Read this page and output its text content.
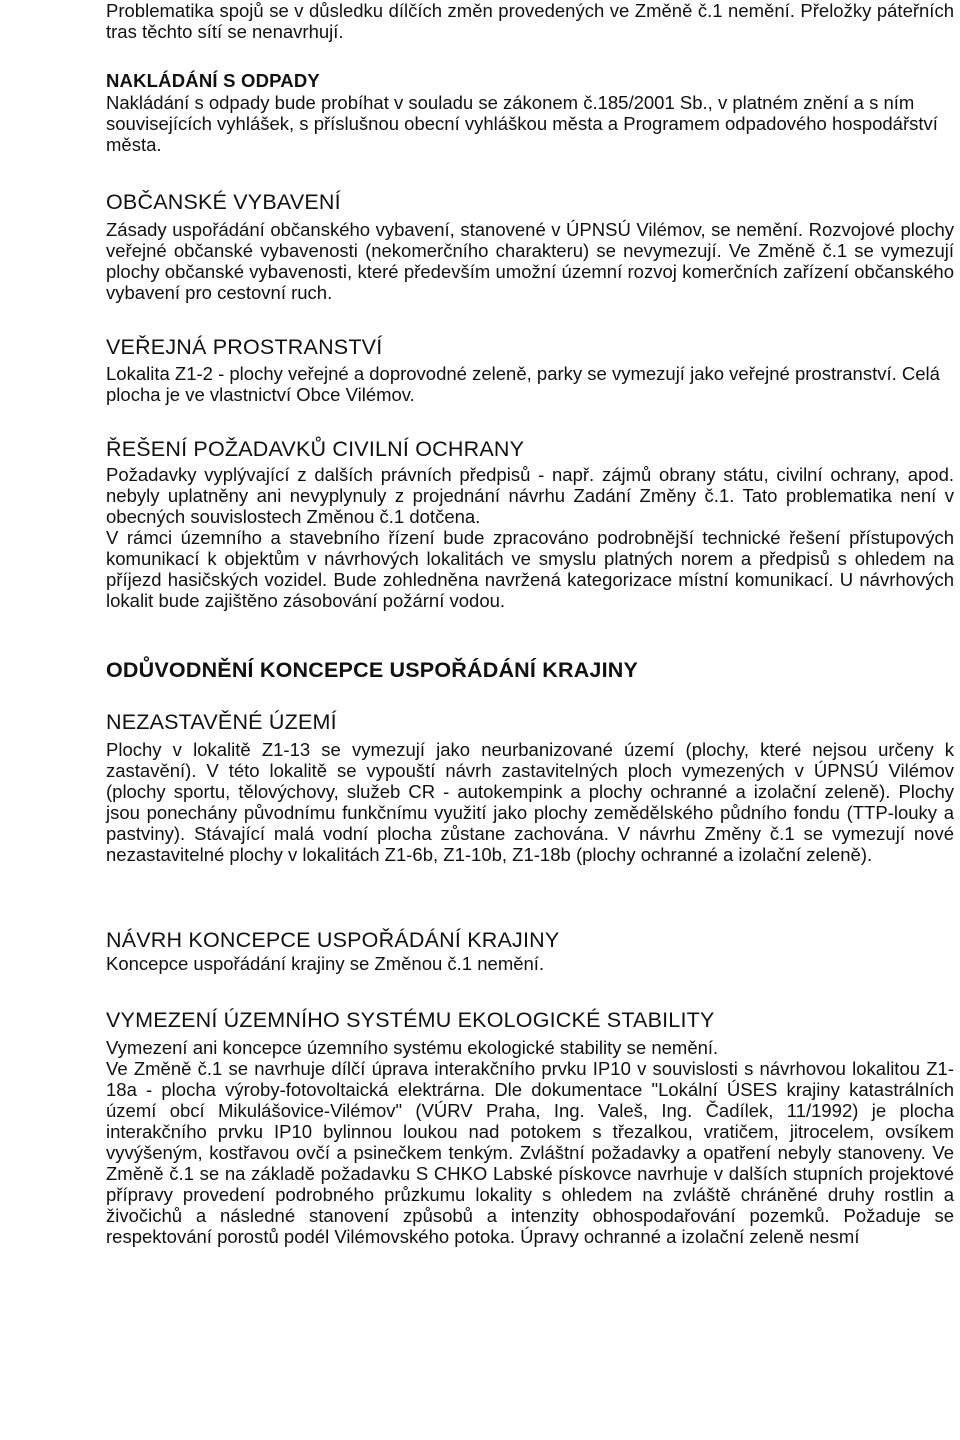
Problematika spojů se v důsledku dílčích změn provedených ve Změně č.1 nemění. Přeložky páteřních tras těchto sítí se nenavrhují.

NAKLÁDÁNÍ S ODPADY

Nakládání s odpady bude probíhat v souladu se zákonem č.185/2001 Sb., v platném znění a s ním souvisejících vyhlášek, s příslušnou obecní vyhláškou města a Programem odpadového hospodářství města.

OBČANSKÉ VYBAVENÍ

Zásady uspořádání občanského vybavení, stanovené v ÚPNSÚ Vilémov, se nemění. Rozvojové plochy veřejné občanské vybavenosti (nekomerčního charakteru) se nevymezují. Ve Změně č.1 se vymezují plochy občanské vybavenosti, které především umožní územní rozvoj komerčních zařízení občanského vybavení pro cestovní ruch.

VEŘEJNÁ PROSTRANSTVÍ

Lokalita Z1-2 - plochy veřejné a doprovodné zeleně, parky se vymezují jako veřejné prostranství. Celá plocha je ve vlastnictví Obce Vilémov.

ŘEŠENÍ POŽADAVKŮ CIVILNÍ OCHRANY

Požadavky vyplývající z dalších právních předpisů - např. zájmů obrany státu, civilní ochrany, apod. nebyly uplatněny ani nevyplynuly z projednání návrhu Zadání Změny č.1. Tato problematika není v obecných souvislostech Změnou č.1 dotčena.

V rámci územního a stavebního řízení bude zpracováno podrobnější technické řešení přístupových komunikací k objektům v návrhových lokalitách ve smyslu platných norem a předpisů s ohledem na příjezd hasičských vozidel. Bude zohledněna navržená kategorizace místní komunikací. U návrhových lokalit bude zajištěno zásobování požární vodou.

ODŮVODNĚNÍ KONCEPCE USPOŘÁDÁNÍ KRAJINY
NEZASTAVĚNÉ ÚZEMÍ

Plochy v lokalitě Z1-13 se vymezují jako neurbanizované území (plochy, které nejsou určeny k zastavění). V této lokalitě se vypouští návrh zastavitelných ploch vymezených v ÚPNSÚ Vilémov (plochy sportu, tělovýchovy, služeb CR - autokempink a plochy ochranné a izolační zeleně). Plochy jsou ponechány původnímu funkčnímu využití jako plochy zemědělského půdního fondu (TTP-louky a pastviny). Stávající malá vodní plocha zůstane zachována. V návrhu Změny č.1 se vymezují nové nezastavitelné plochy v lokalitách Z1-6b, Z1-10b, Z1-18b (plochy ochranné a izolační zeleně).

NÁVRH KONCEPCE USPOŘÁDÁNÍ KRAJINY

Koncepce uspořádání krajiny se Změnou č.1 nemění.

VYMEZENÍ ÚZEMNÍHO SYSTÉMU EKOLOGICKÉ STABILITY

Vymezení ani koncepce územního systému ekologické stability se nemění.

Ve Změně č.1 se navrhuje dílčí úprava interakčního prvku IP10 v souvislosti s návrhovou lokalitou Z1-18a - plocha výroby-fotovoltaická elektrárna. Dle dokumentace "Lokální ÚSES krajiny katastrálních území obcí Mikulášovice-Vilémov" (VÚRV Praha, Ing. Valeš, Ing. Čadílek, 11/1992) je plocha interakčního prvku IP10 bylinnou loukou nad potokem s třezalkou, vratičem, jitrocelem, ovsíkem vyvýšeným, kostřavou ovčí a psinečkem tenkým. Zvláštní požadavky a opatření nebyly stanoveny. Ve Změně č.1 se na základě požadavku S CHKO Labské pískovce navrhuje v dalších stupních projektové přípravy provedení podrobného průzkumu lokality s ohledem na zvláště chráněné druhy rostlin a živočichů a následné stanovení způsobů a intenzity obhospodařování pozemků. Požaduje se respektování porostů podél Vilémovského potoka. Úpravy ochranné a izolační zeleně nesmí
